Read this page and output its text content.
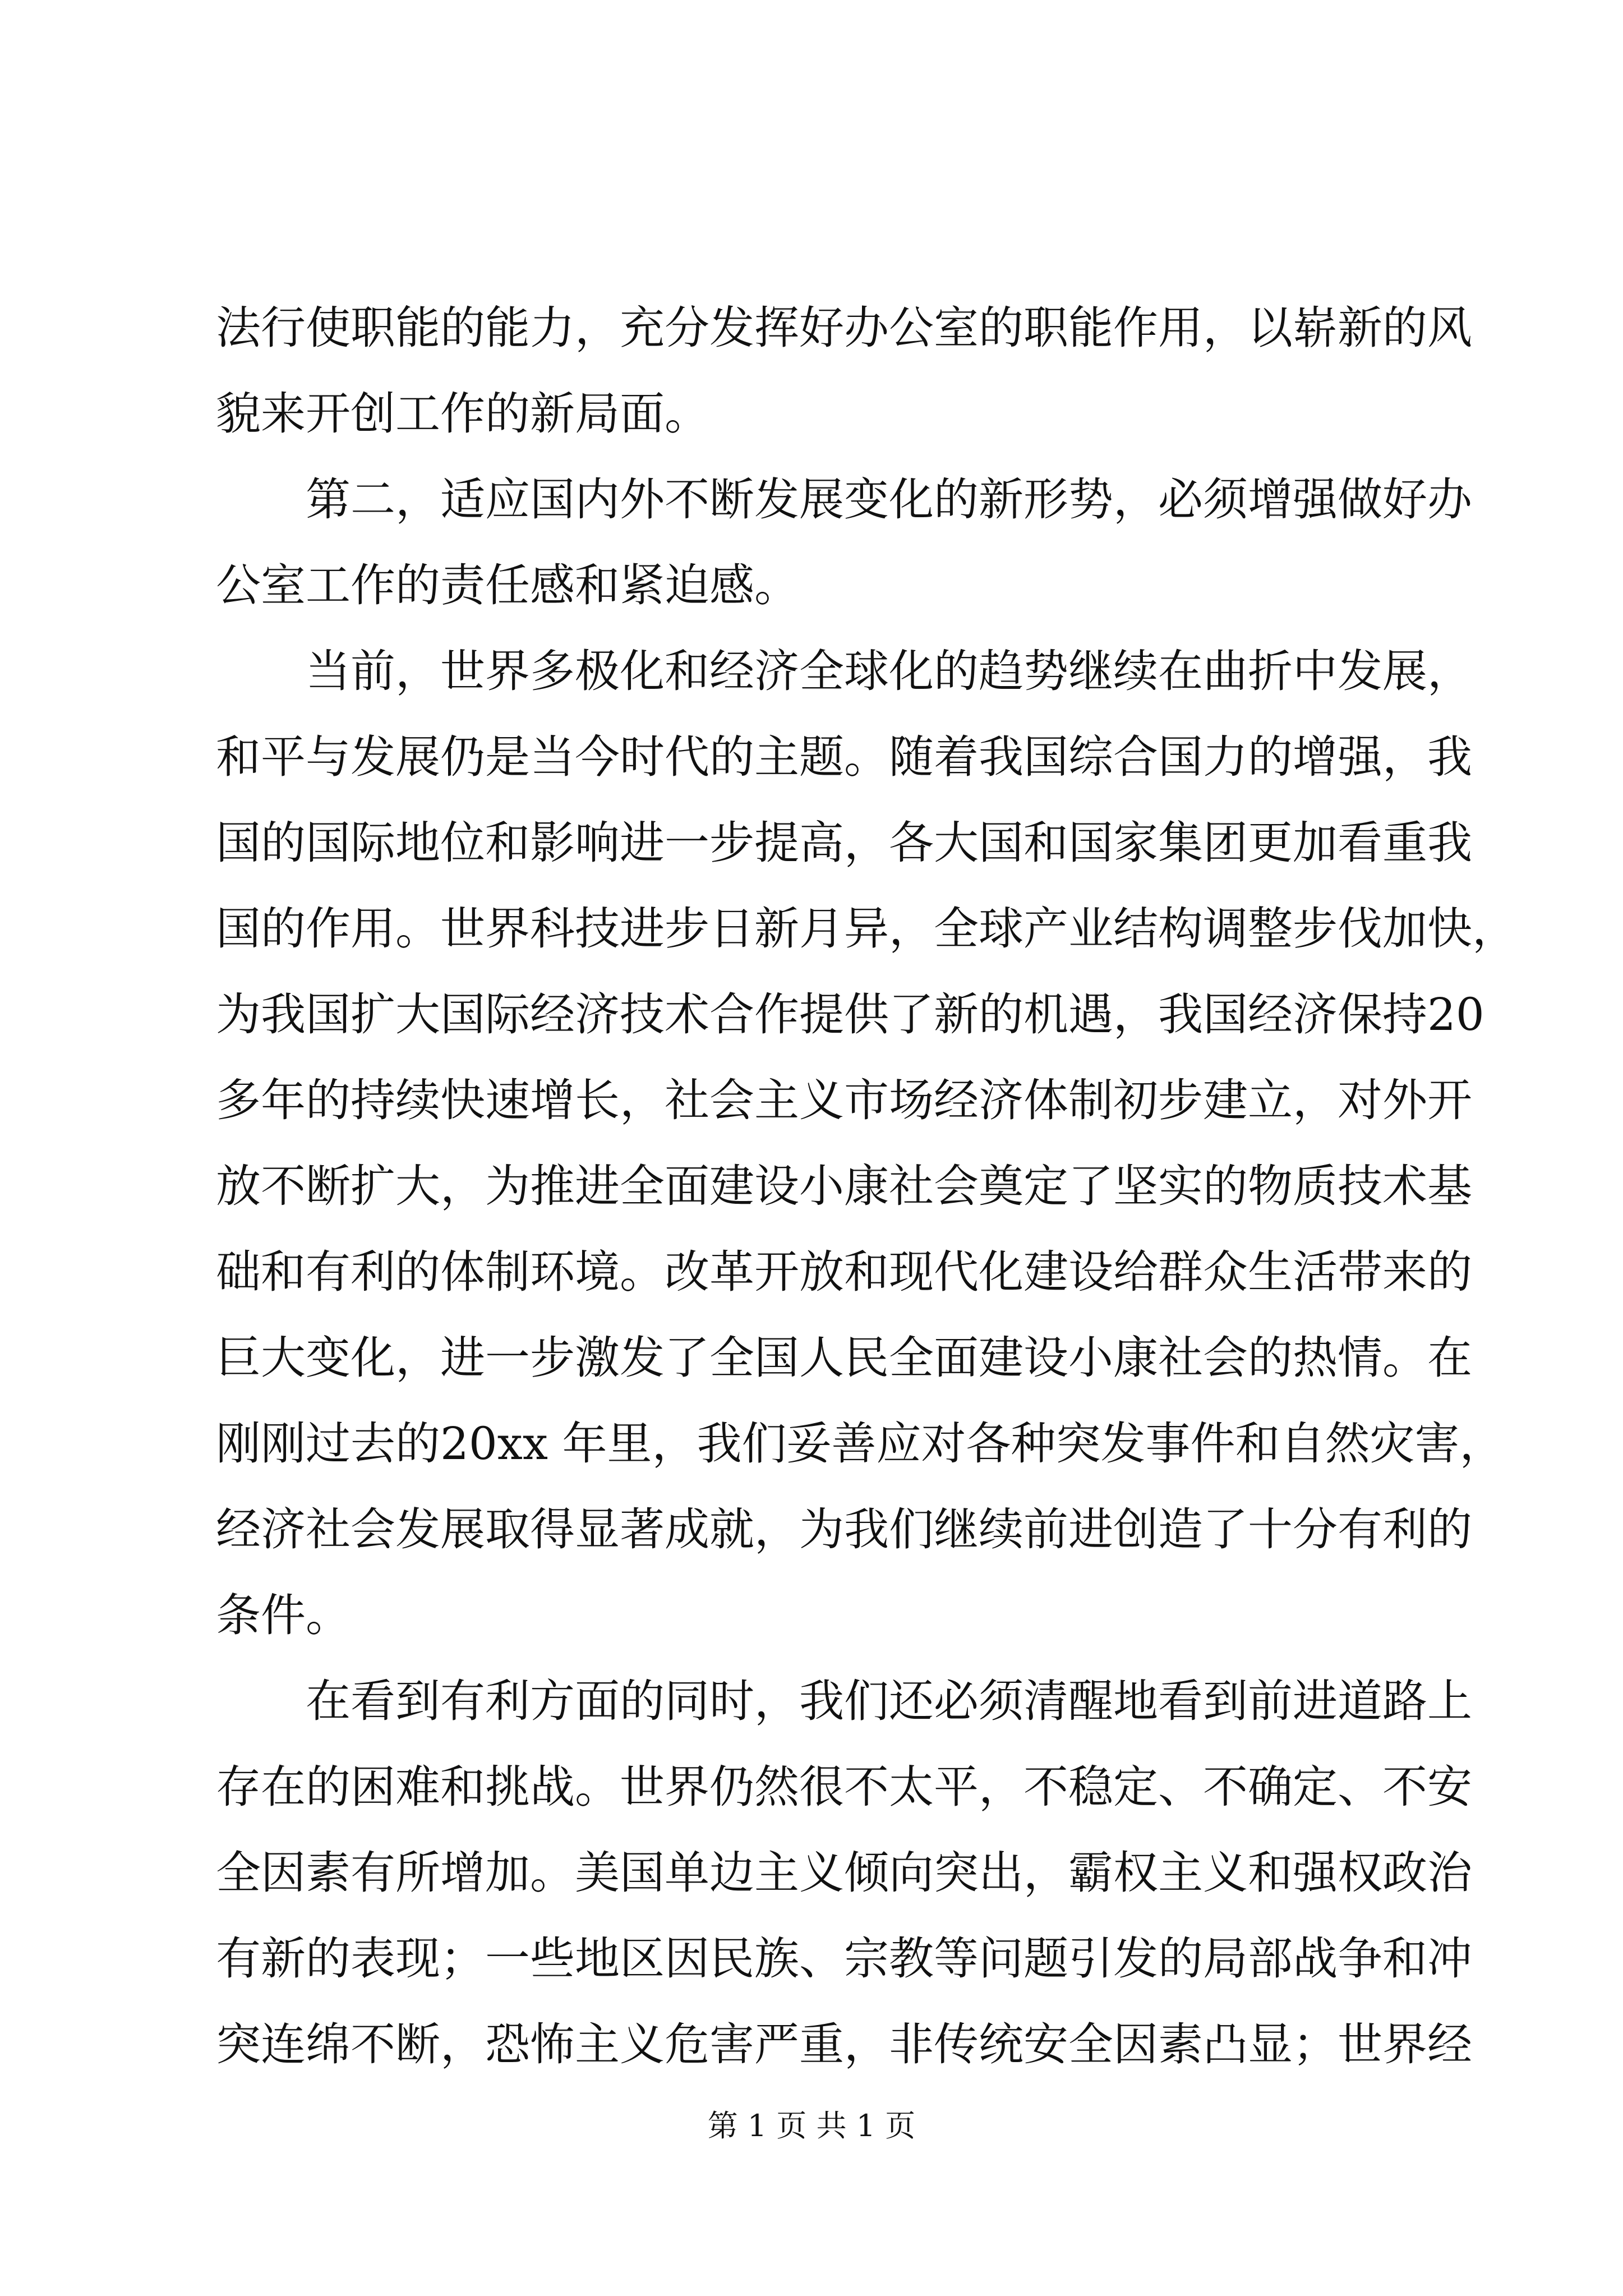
法行使职能的能力，充分发挥好办公室的职能作用，以崭新的风
貌来开创工作的新局面。
第二，适应国内外不断发展变化的新形势，必须增强做好办
公室工作的责任感和紧迫感。
当前，世界多极化和经济全球化的趋势继续在曲折中发展，
和平与发展仍是当今时代的主题。随着我国综合国力的增强，我
国的国际地位和影响进一步提高，各大国和国家集团更加看重我
国的作用。世界科技进步日新月异，全球产业结构调整步伐加快，
为我国扩大国际经济技术合作提供了新的机遇，我国经济保持20
多年的持续快速增长，社会主义市场经济体制初步建立，对外开
放不断扩大，为推进全面建设小康社会奠定了坚实的物质技术基
础和有利的体制环境。改革开放和现代化建设给群众生活带来的
巨大变化，进一步激发了全国人民全面建设小康社会的热情。在
刚刚过去的20xx 年里，我们妥善应对各种突发事件和自然灾害，
经济社会发展取得显著成就，为我们继续前进创造了十分有利的
条件。
在看到有利方面的同时，我们还必须清醒地看到前进道路上
存在的困难和挑战。世界仍然很不太平，不稳定、不确定、不安
全因素有所增加。美国单边主义倾向突出，霸权主义和强权政治
有新的表现；一些地区因民族、宗教等问题引发的局部战争和冲
突连绵不断，恐怖主义危害严重，非传统安全因素凸显；世界经
第 1 页 共 1 页
